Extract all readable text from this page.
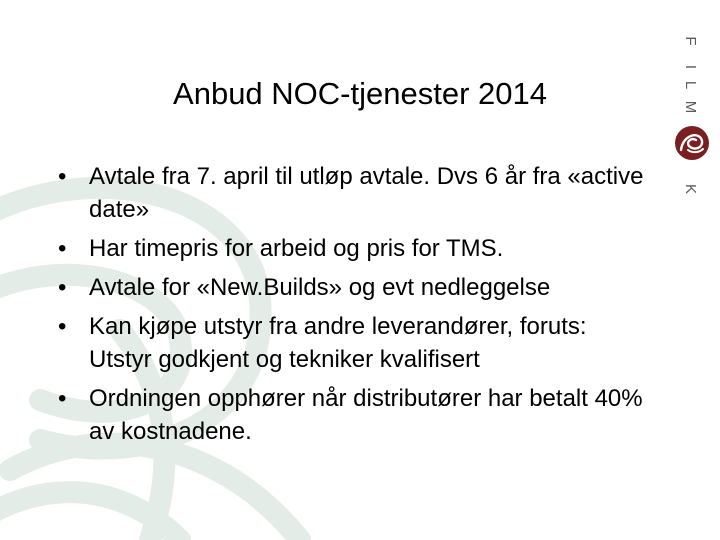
Anbud NOC-tjenester 2014
• Avtale fra 7. april til utløp avtale. Dvs 6 år fra «active date»
• Har timepris for arbeid og pris for TMS.
• Avtale for «New.Builds» og evt nedleggelse
• Kan kjøpe utstyr fra andre leverandører, foruts: Utstyr godkjent og tekniker kvalifisert
• Ordningen opphører når distributører har betalt 40% av kostnadene.
F
I
L
M
K
